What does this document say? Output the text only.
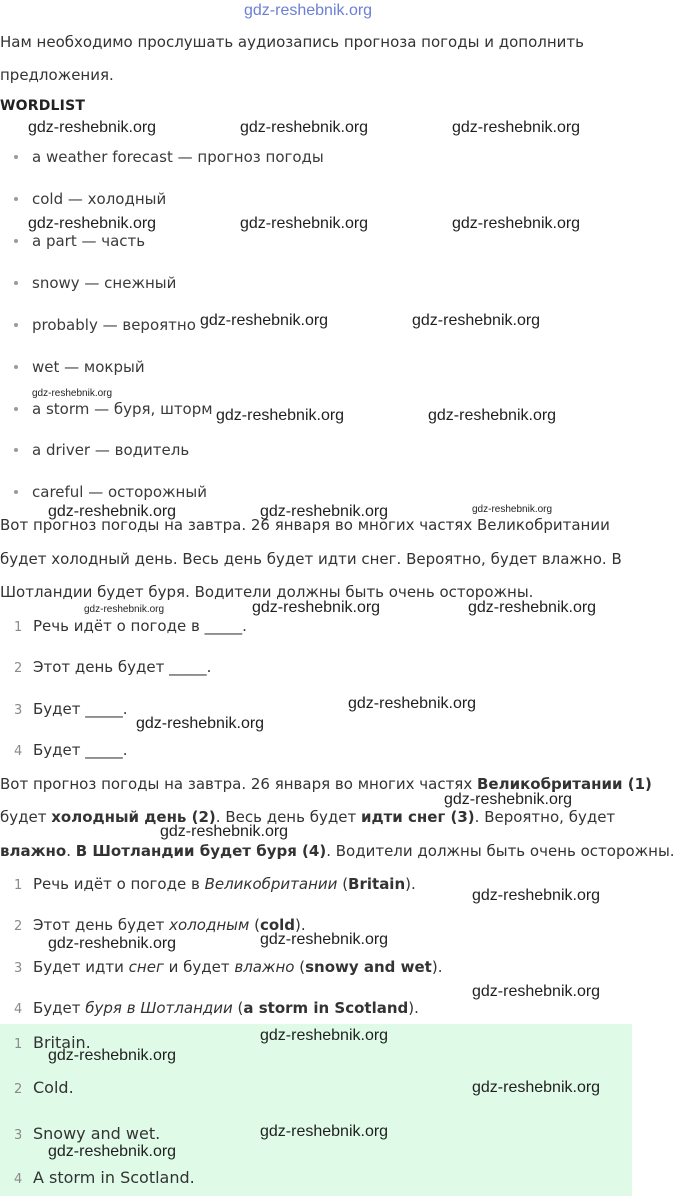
gdz-reshebnik.org
Нам необходимо прослушать аудиозапись прогноза погоды и дополнить
предложения.
WORDLIST
a weather forecast — прогноз погоды
cold — холодный
a part — часть
snowy — снежный
probably — вероятно
wet — мокрый
a storm — буря, шторм
a driver — водитель
careful — осторожный
Вот прогноз погоды на завтра. 26 января во многих частях Великобритании
будет холодный день. Весь день будет идти снег. Вероятно, будет влажно. В
Шотландии будет буря. Водители должны быть очень осторожны.
1 Речь идёт о погоде в _____.
2 Этот день будет _____.
3 Будет _____.
4 Будет _____.
Вот прогноз погоды на завтра. 26 января во многих частях Великобритании (1)
будет холодный день (2). Весь день будет идти снег (3). Вероятно, будет
влажно. В Шотландии будет буря (4). Водители должны быть очень осторожны.
1 Речь идёт о погоде в Великобритании (Britain).
2 Этот день будет холодным (cold).
3 Будет идти снег и будет влажно (snowy and wet).
4 Будет буря в Шотландии (a storm in Scotland).
1 Britain.
2 Cold.
3 Snowy and wet.
4 A storm in Scotland.
gdz-reshebnik.org	gdz-reshebnik.org	gdz-reshebnik.org
gdz-reshebnik.org	gdz-reshebnik.org	gdz-reshebnik.org
gdz-reshebnik.org	gdz-reshebnik.org
gdz-reshebnik.org
gdz-reshebnik.org	gdz-reshebnik.org
gdz-reshebnik.org	gdz-reshebnik.org	gdz-reshebnik.org
gdz-reshebnik.org	gdz-reshebnik.org	gdz-reshebnik.org
gdz-reshebnik.org
gdz-reshebnik.org
gdz-reshebnik.org
gdz-reshebnik.org
gdz-reshebnik.org
gdz-reshebnik.org	gdz-reshebnik.org
gdz-reshebnik.org
gdz-reshebnik.org
gdz-reshebnik.org
gdz-reshebnik.org
gdz-reshebnik.org
gdz-reshebnik.org
